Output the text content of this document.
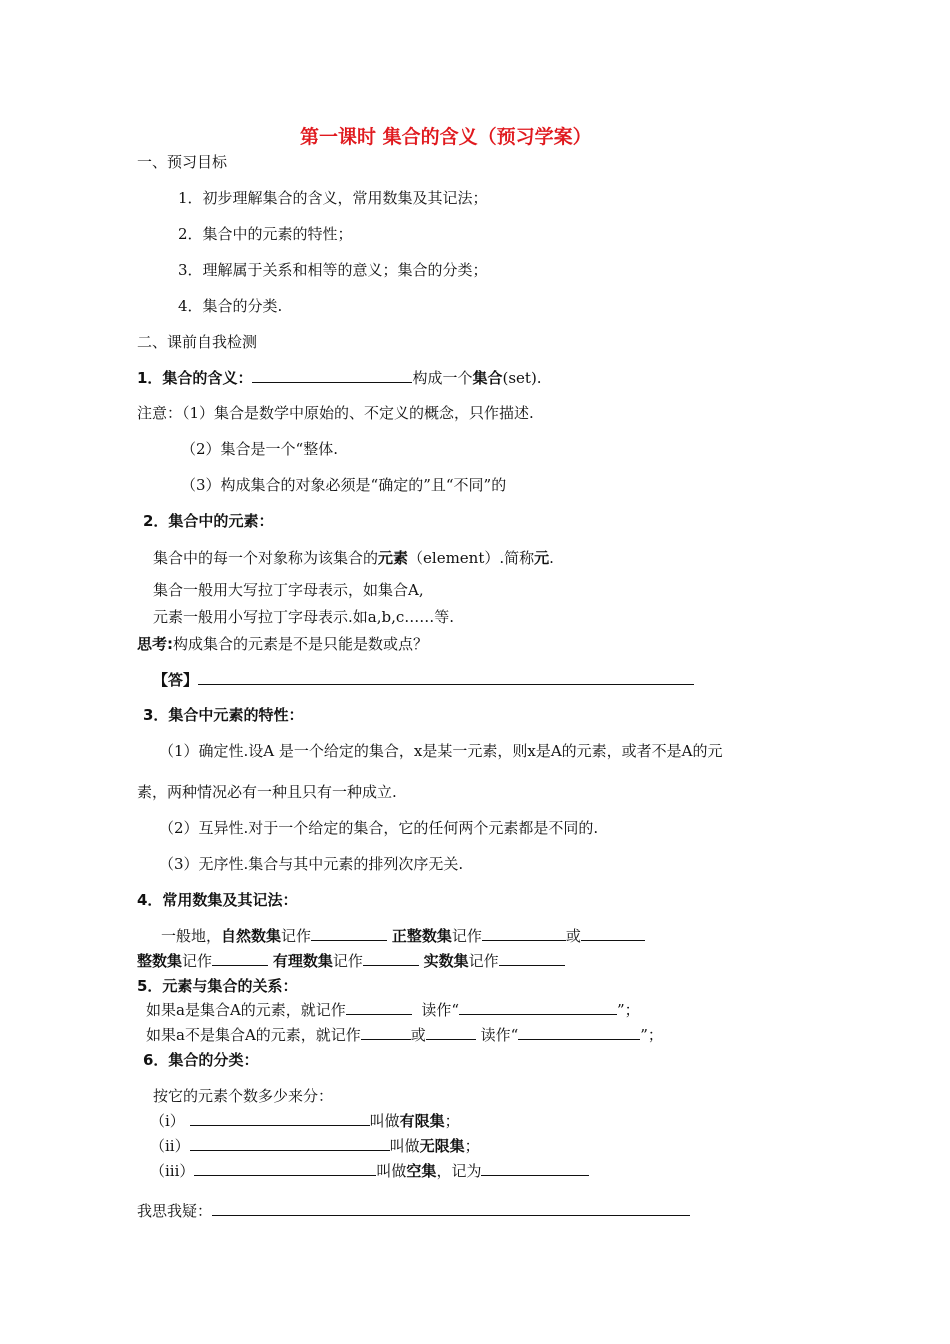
第一课时 集合的含义（预习学案）
一、预习目标
1．初步理解集合的含义，常用数集及其记法；
2．集合中的元素的特性；
3．理解属于关系和相等的意义；集合的分类；
4．集合的分类.
二、课前自我检测
1．集合的含义：	构成一个集合(set).
注意：（1）集合是数学中原始的、不定义的概念，只作描述.
（2）集合是一个“整体.
（3）构成集合的对象必须是“确定的”且“不同”的
2．集合中的元素：
集合中的每一个对象称为该集合的元素（element）.简称元.
集合一般用大写拉丁字母表示，如集合A,
元素一般用小写拉丁字母表示.如a,b,c……等.
思考:构成集合的元素是不是只能是数或点？
【答】
3．集合中元素的特性：
（1）确定性.设A 是一个给定的集合，x是某一元素，则x是A的元素，或者不是A的元
素，两种情况必有一种且只有一种成立.
（2）互异性.对于一个给定的集合，它的任何两个元素都是不同的.
（3）无序性.集合与其中元素的排列次序无关.
4．常用数集及其记法：
一般地，自然数集记作	正整数集记作	或
整数集记作	有理数集记作	实数集记作
5．元素与集合的关系：
如果a是集合A的元素，就记作	读作“	”；
如果a不是集合A的元素，就记作	或	读作“	”；
6．集合的分类：
按它的元素个数多少来分：
（i）	叫做有限集；
（ii）	叫做无限集；
（iii）	叫做空集，记为
我思我疑：
